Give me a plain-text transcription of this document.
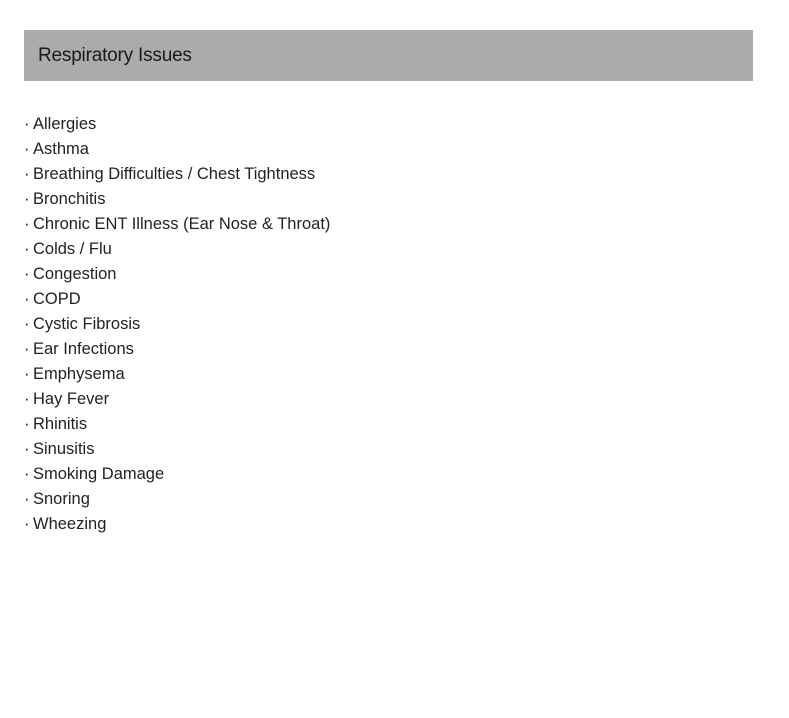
Respiratory Issues
· Allergies
· Asthma
· Breathing Difficulties / Chest Tightness
· Bronchitis
· Chronic ENT Illness (Ear Nose & Throat)
· Colds / Flu
· Congestion
· COPD
· Cystic Fibrosis
· Ear Infections
· Emphysema
· Hay Fever
· Rhinitis
· Sinusitis
· Smoking Damage
· Snoring
· Wheezing
